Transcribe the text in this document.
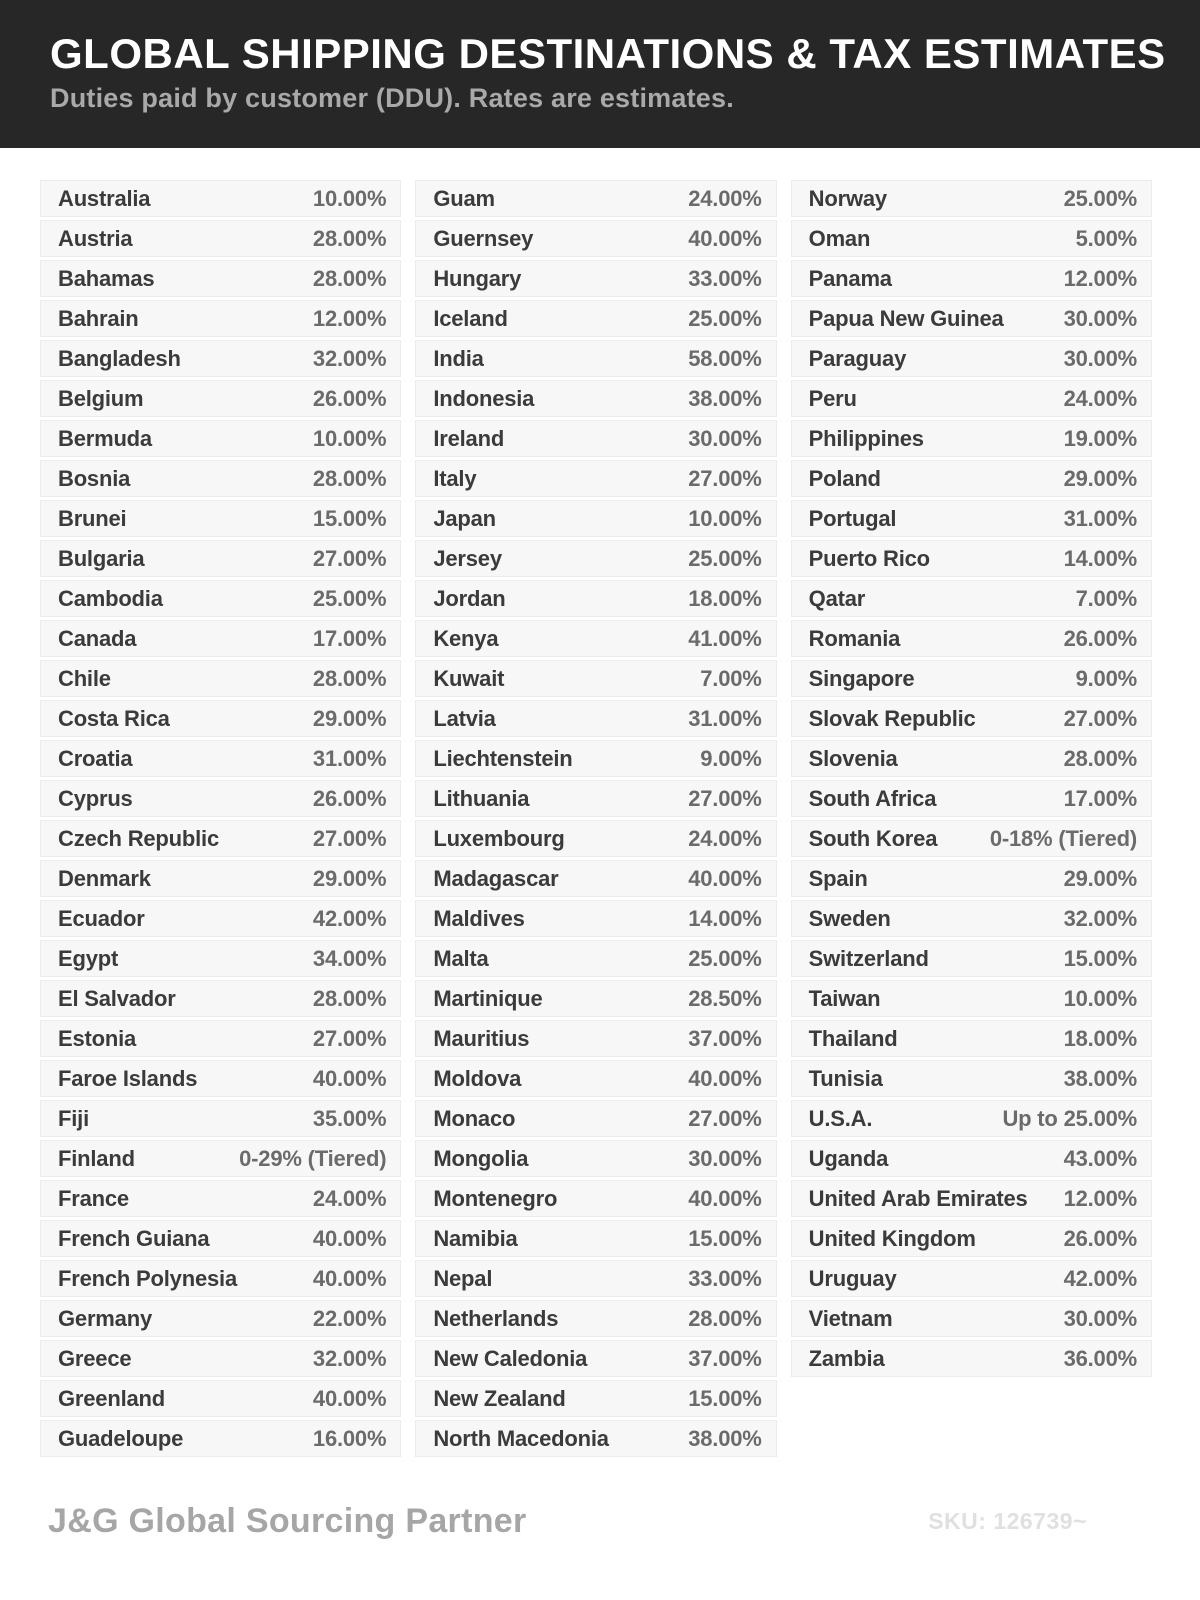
GLOBAL SHIPPING DESTINATIONS & TAX ESTIMATES

Duties paid by customer (DDU). Rates are estimates.

Australia	10.00%
Austria	28.00%
Bahamas	28.00%
Bahrain	12.00%
Bangladesh	32.00%
Belgium	26.00%
Bermuda	10.00%
Bosnia	28.00%
Brunei	15.00%
Bulgaria	27.00%
Cambodia	25.00%
Canada	17.00%
Chile	28.00%
Costa Rica	29.00%
Croatia	31.00%
Cyprus	26.00%
Czech Republic	27.00%
Denmark	29.00%
Ecuador	42.00%
Egypt	34.00%
El Salvador	28.00%
Estonia	27.00%
Faroe Islands	40.00%
Fiji	35.00%
Finland	0-29% (Tiered)
France	24.00%
French Guiana	40.00%
French Polynesia	40.00%
Germany	22.00%
Greece	32.00%
Greenland	40.00%
Guadeloupe	16.00%
Guam	24.00%
Guernsey	40.00%
Hungary	33.00%
Iceland	25.00%
India	58.00%
Indonesia	38.00%
Ireland	30.00%
Italy	27.00%
Japan	10.00%
Jersey	25.00%
Jordan	18.00%
Kenya	41.00%
Kuwait	7.00%
Latvia	31.00%
Liechtenstein	9.00%
Lithuania	27.00%
Luxembourg	24.00%
Madagascar	40.00%
Maldives	14.00%
Malta	25.00%
Martinique	28.50%
Mauritius	37.00%
Moldova	40.00%
Monaco	27.00%
Mongolia	30.00%
Montenegro	40.00%
Namibia	15.00%
Nepal	33.00%
Netherlands	28.00%
New Caledonia	37.00%
New Zealand	15.00%
North Macedonia	38.00%
Norway	25.00%
Oman	5.00%
Panama	12.00%
Papua New Guinea	30.00%
Paraguay	30.00%
Peru	24.00%
Philippines	19.00%
Poland	29.00%
Portugal	31.00%
Puerto Rico	14.00%
Qatar	7.00%
Romania	26.00%
Singapore	9.00%
Slovak Republic	27.00%
Slovenia	28.00%
South Africa	17.00%
South Korea 0-18% (Tiered)
Spain	29.00%
Sweden	32.00%
Switzerland	15.00%
Taiwan	10.00%
Thailand	18.00%
Tunisia	38.00%
U.S.A.	Up to 25.00%
Uganda	43.00%
United Arab Emirates 12.00%
United Kingdom	26.00%
Uruguay	42.00%
Vietnam	30.00%
Zambia	36.00%
J&G Global Sourcing Partner	SKU: 126739~
